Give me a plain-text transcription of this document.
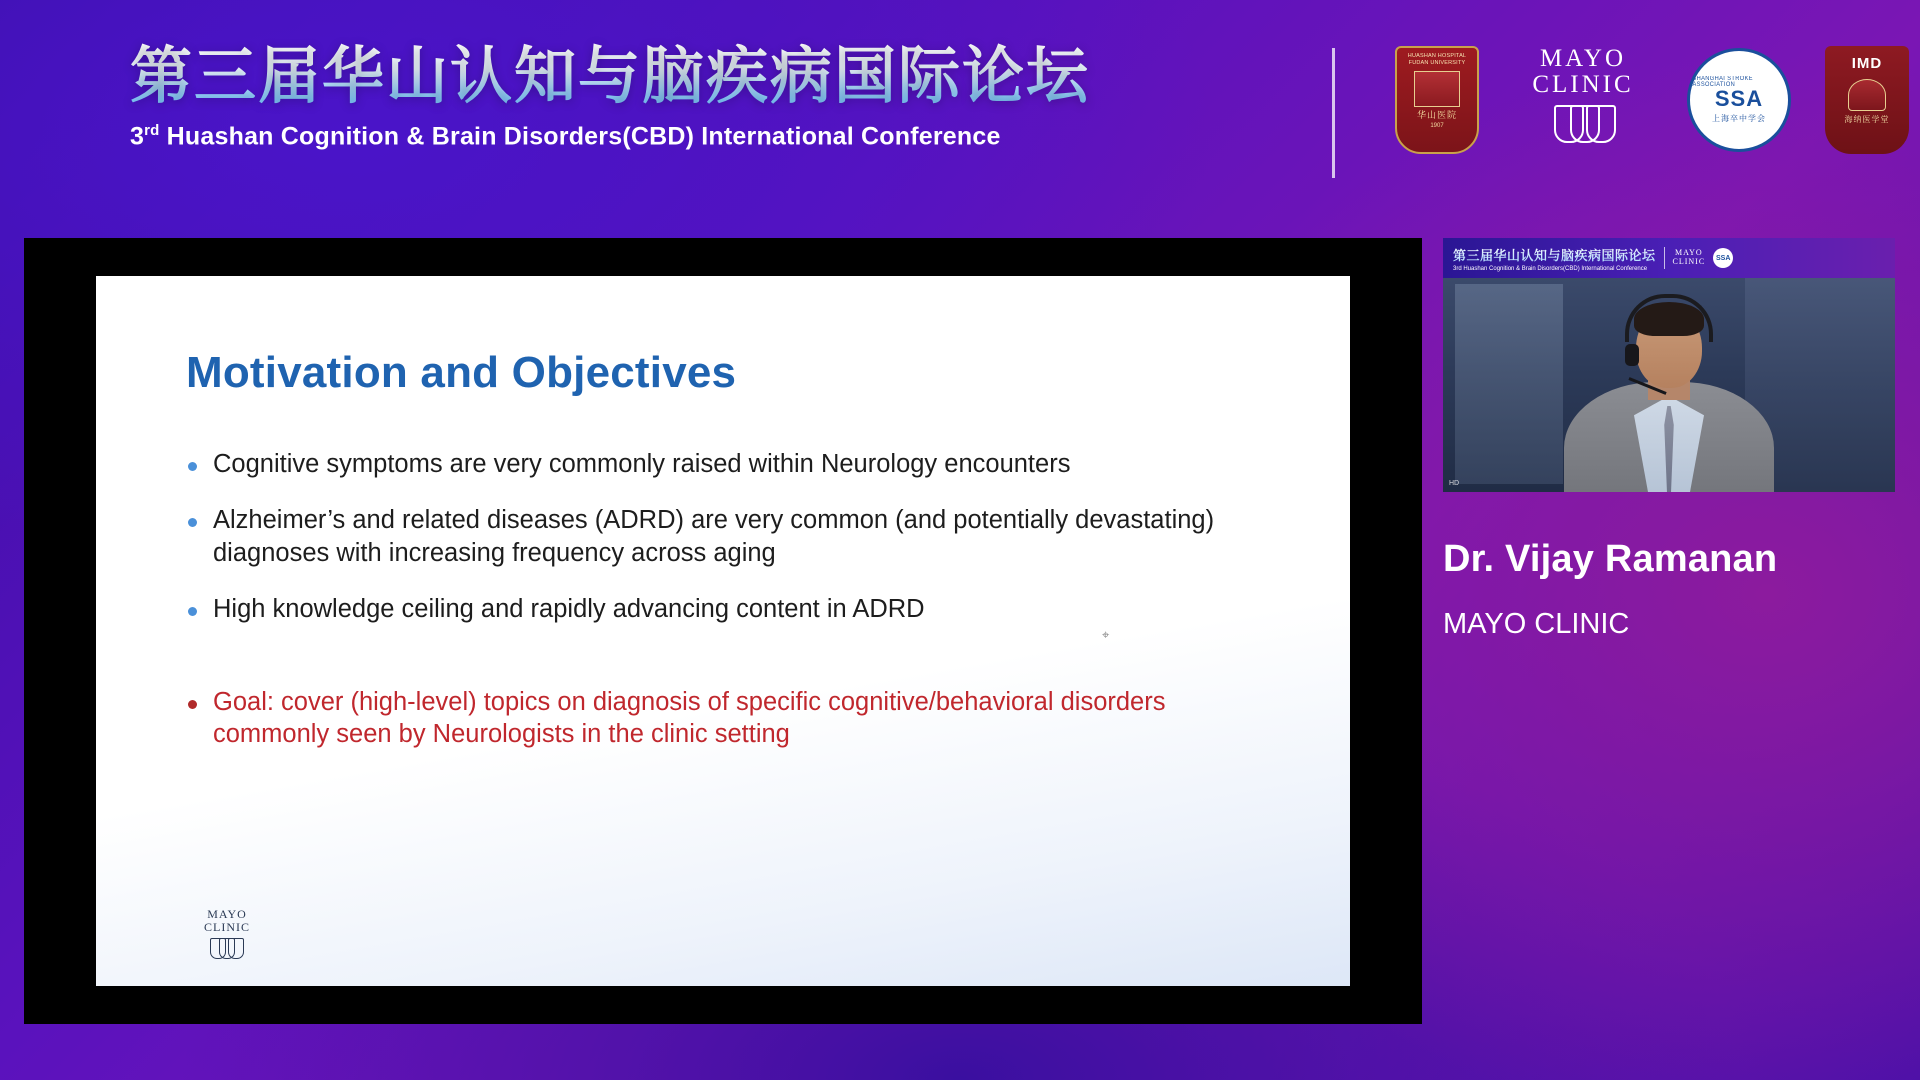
第三届华山认知与脑疾病国际论坛
3rd Huashan Cognition & Brain Disorders(CBD) International Conference
HUASHAN HOSPITAL
FUDAN UNIVERSITY
华山医院
1907
MAYO
CLINIC	SHANGHAI STROKE ASSOCIATION
SSA
上海卒中学会
IMD
海纳医学堂
Motivation and Objectives
Cognitive symptoms are very commonly raised within Neurology encounters
Alzheimer’s and related diseases (ADRD) are very common (and potentially devastating) diagnoses with increasing frequency across aging
High knowledge ceiling and rapidly advancing content in ADRD
Goal: cover (high-level) topics on diagnosis of specific cognitive/behavioral disorders commonly seen by Neurologists in the clinic setting
MAYO
CLINIC
⌖
第三届华山认知与脑疾病国际论坛
3rd Huashan Cognition & Brain Disorders(CBD) International Conference
MAYO
CLINIC	SSA
HD
Dr. Vijay Ramanan
MAYO CLINIC
